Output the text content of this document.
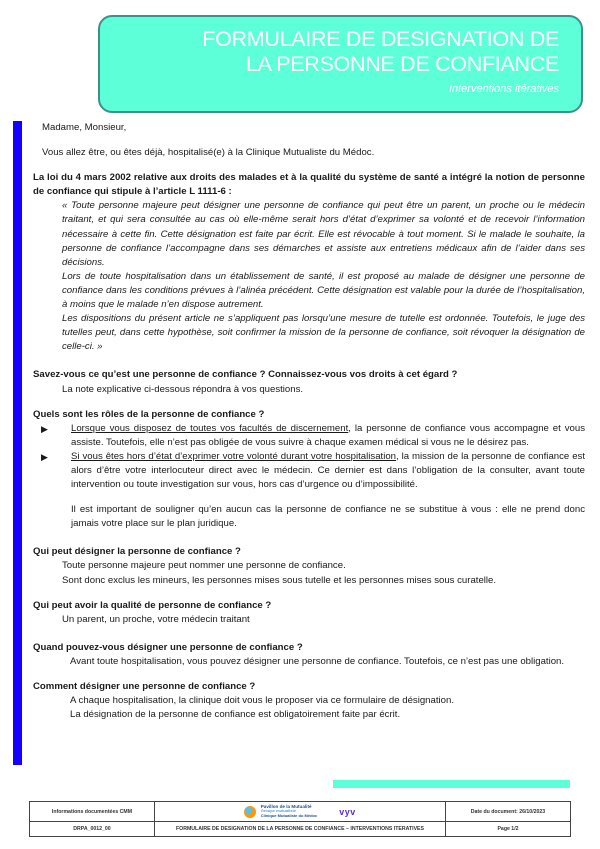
FORMULAIRE DE DESIGNATION DE
LA PERSONNE DE CONFIANCE
Interventions itératives

Madame, Monsieur,

Vous allez être, ou êtes déjà, hospitalisé(e) à la Clinique Mutualiste du Médoc.

La loi du 4 mars 2002 relative aux droits des malades et à la qualité du système de santé a intégré la notion de personne de confiance qui stipule à l’article L 1111-6 :

« Toute personne majeure peut désigner une personne de confiance qui peut être un parent, un proche ou le médecin traitant, et qui sera consultée au cas où elle-même serait hors d’état d’exprimer sa volonté et de recevoir l’information nécessaire à cette fin. Cette désignation est faite par écrit. Elle est révocable à tout moment. Si le malade le souhaite, la personne de confiance l’accompagne dans ses démarches et assiste aux entretiens médicaux afin de l’aider dans ses décisions.

Lors de toute hospitalisation dans un établissement de santé, il est proposé au malade de désigner une personne de confiance dans les conditions prévues à l’alinéa précédent. Cette désignation est valable pour la durée de l’hospitalisation, à moins que le malade n’en dispose autrement.

Les dispositions du présent article ne s’appliquent pas lorsqu’une mesure de tutelle est ordonnée. Toutefois, le juge des tutelles peut, dans cette hypothèse, soit confirmer la mission de la personne de confiance, soit révoquer la désignation de celle-ci. »

Savez-vous ce qu’est une personne de confiance ? Connaissez-vous vos droits à cet égard ?

La note explicative ci-dessous répondra à vos questions.

Quels sont les rôles de la personne de confiance ?

▶ Lorsque vous disposez de toutes vos facultés de discernement, la personne de confiance vous accompagne et vous assiste. Toutefois, elle n’est pas obligée de vous suivre à chaque examen médical si vous ne le désirez pas.
▶ Si vous êtes hors d’état d’exprimer votre volonté durant votre hospitalisation, la mission de la personne de confiance est alors d’être votre interlocuteur direct avec le médecin. Ce dernier est dans l’obligation de la consulter, avant toute intervention ou toute investigation sur vous, hors cas d’urgence ou d’impossibilité.

Il est important de souligner qu’en aucun cas la personne de confiance ne se substitue à vous : elle ne prend donc jamais votre place sur le plan juridique.

Qui peut désigner la personne de confiance ?

Toute personne majeure peut nommer une personne de confiance.

Sont donc exclus les mineurs, les personnes mises sous tutelle et les personnes mises sous curatelle.

Qui peut avoir la qualité de personne de confiance ?

Un parent, un proche, votre médecin traitant

Quand pouvez-vous désigner une personne de confiance ?

Avant toute hospitalisation, vous pouvez désigner une personne de confiance. Toutefois, ce n’est pas une obligation.

Comment désigner une personne de confiance ?

A chaque hospitalisation, la clinique doit vous le proposer via ce formulaire de désignation.

La désignation de la personne de confiance est obligatoirement faite par écrit.

Informations documentées CMM	Pavillon de la Mutualité
Groupe mutualiste
Clinique Mutualiste du Médoc vyv	Date du document: 26/10/2023
DRPA_0012_00	FORMULAIRE DE DESIGNATION DE LA PERSONNE DE CONFIANCE – INTERVENTIONS ITERATIVES	Page 1/2
